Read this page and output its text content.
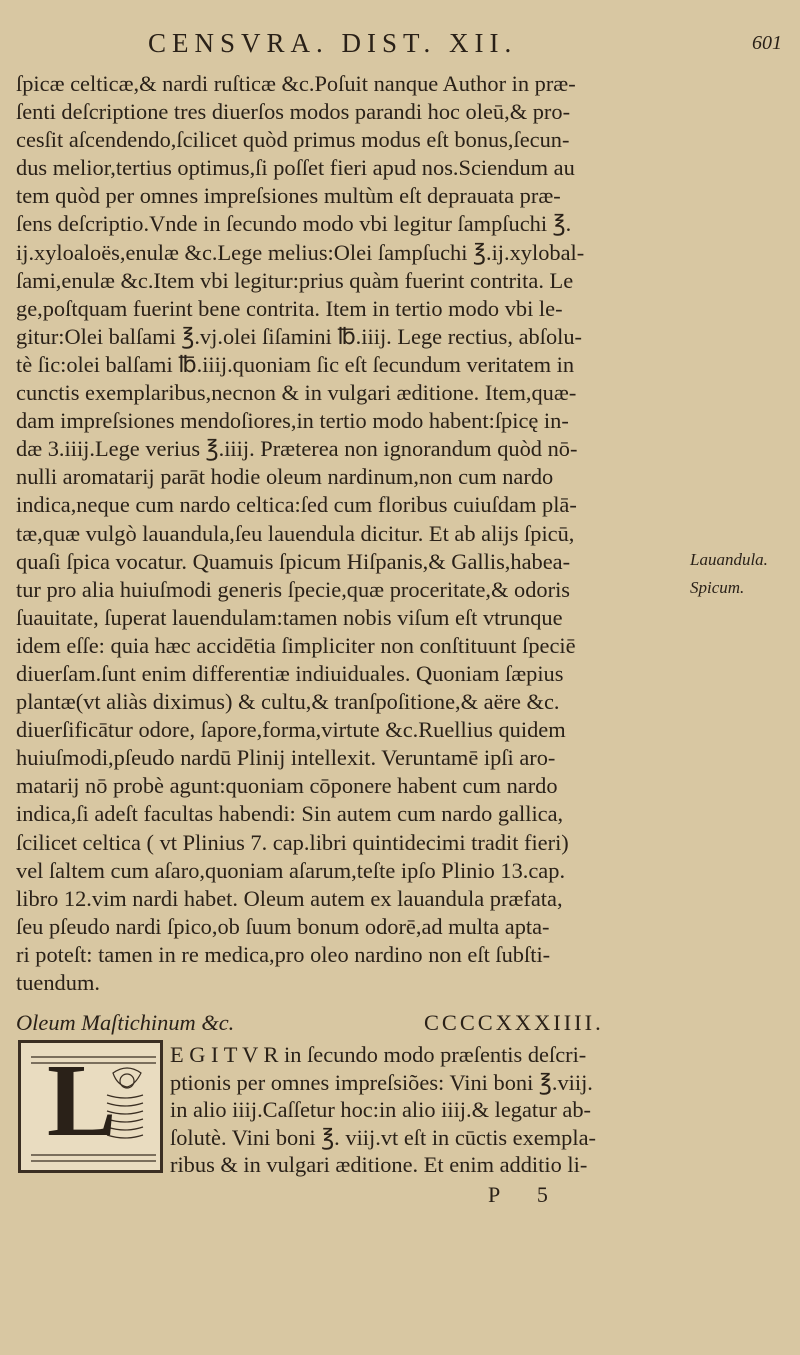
CENSVRA. DIST. XII.	601
ſpicæ celticæ,& nardi ruſticæ &c.Poſuit nanque Author in præ-
ſenti deſcriptione tres diuerſos modos parandi hoc oleū,& pro-
cesſit aſcendendo,ſcilicet quòd primus modus eſt bonus,ſecun-
dus melior,tertius optimus,ſi poſſet fieri apud nos.Sciendum au
tem quòd per omnes impreſsiones multùm eſt deprauata præ-
ſens deſcriptio.Vnde in ſecundo modo vbi legitur ſampſuchi ℥.
ij.xyloaloës,enulæ &c.Lege melius:Olei ſampſuchi ℥.ij.xylobal-
ſami,enulæ &c.Item vbi legitur:prius quàm fuerint contrita. Le
ge,poſtquam fuerint bene contrita. Item in tertio modo vbi le-
gitur:Olei balſami ℥.vj.olei ſiſamini ℔.iiij. Lege rectius, abſolu-
tè ſic:olei balſami ℔.iiij.quoniam ſic eſt ſecundum veritatem in
cunctis exemplaribus,necnon & in vulgari æditione. Item,quæ-
dam impreſsiones mendoſiores,in tertio modo habent:ſpicę in-
dæ 3.iiij.Lege verius ℥.iiij. Præterea non ignorandum quòd nō-
nulli aromatarij parāt hodie oleum nardinum,non cum nardo
indica,neque cum nardo celtica:ſed cum floribus cuiuſdam plā-
tæ,quæ vulgò lauandula,ſeu lauendula dicitur. Et ab alijs ſpicū,
quaſi ſpica vocatur. Quamuis ſpicum Hiſpanis,& Gallis,habea-
tur pro alia huiuſmodi generis ſpecie,quæ proceritate,& odoris
ſuauitate, ſuperat lauendulam:tamen nobis viſum eſt vtrunque
idem eſſe: quia hæc accidētia ſimpliciter non conſtituunt ſpeciē
diuerſam.ſunt enim differentiæ indiuiduales. Quoniam ſæpius
plantæ(vt aliàs diximus) & cultu,& tranſpoſitione,& aëre &c.
diuerſificātur odore, ſapore,forma,virtute &c.Ruellius quidem
huiuſmodi,pſeudo nardū Plinij intellexit. Veruntamē ipſi aro-
matarij nō probè agunt:quoniam cōponere habent cum nardo
indica,ſi adeſt facultas habendi: Sin autem cum nardo gallica,
ſcilicet celtica ( vt Plinius 7. cap.libri quintidecimi tradit fieri)
vel ſaltem cum aſaro,quoniam aſarum,teſte ipſo Plinio 13.cap.
libro 12.vim nardi habet. Oleum autem ex lauandula præfata,
ſeu pſeudo nardi ſpico,ob ſuum bonum odorē,ad multa apta-
ri poteſt: tamen in re medica,pro oleo nardino non eſt ſubſti-
tuendum.
Lauandula.
Spicum.
Oleum Maſtichinum &c.	CCCCXXXIIII.
L E G I T V R in ſecundo modo præſentis deſcri-
ptionis per omnes impreſsiões: Vini boni ℥.viij.
in alio iiij.Caſſetur hoc:in alio iiij.& legatur ab-
ſolutè. Vini boni ℥. viij.vt eſt in cūctis exempla-
ribus & in vulgari æditione. Et enim additio li-
P 5
